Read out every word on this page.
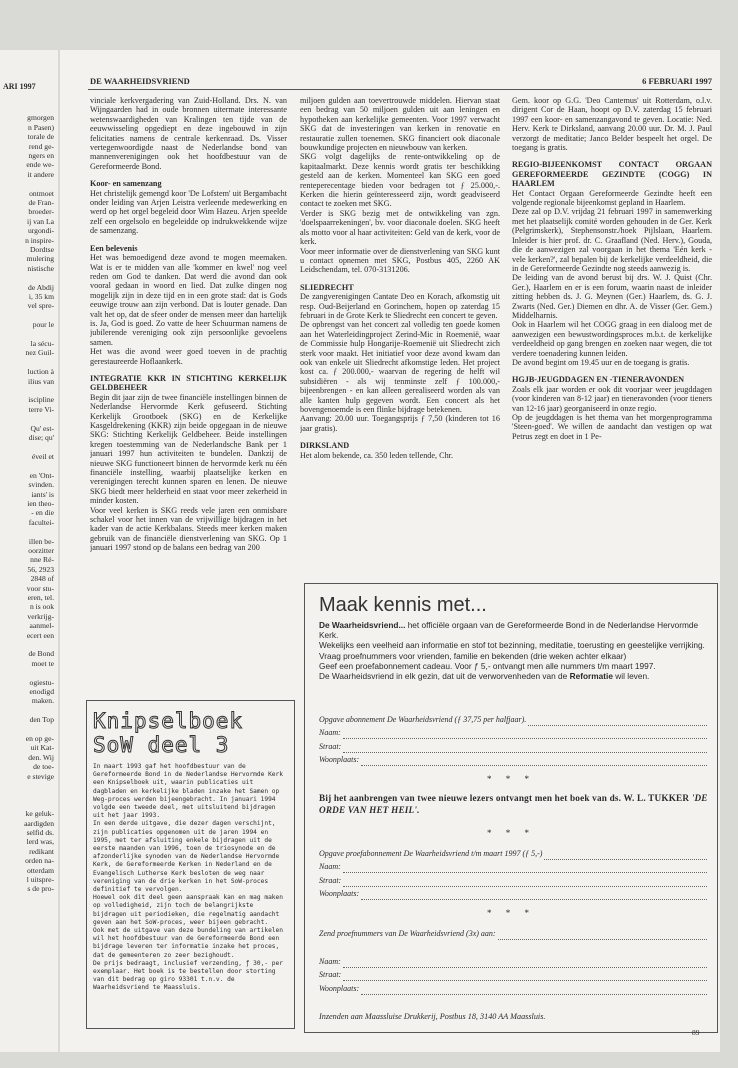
ARI 1997
gmorgen
n Pasen)
torale de
rend ge-
ngers en
ende we-
it andere
ontmoet
de Fran-
broeder-
ij van La
urgondi-
n inspire-
Dordtse
mulering
nistische
de Abdij
i, 35 km
vel spre-
pour le
la sécu-
nez Guil-
luction à
ilius van
iscipline
terre Vi-
Qu' est-
dise; qu'
éveil et
en 'Ont-
svinden.
iants' is
ien theo-
- en die
facultei-
illen be-
oorzitter
nne Ré-
56, 2923
2848 of
voor stu-
eren, tel.
n is ook
verkrijg-
aanmel-
ecert een
de Bond
moet te
ogiestu-
enodigd
maken.
den Top
en op ge-
uit Kat-
den. Wij
de toe-
e stevige
ke geluk-
aardigden
selfid ds.
lerd was,
redikant
orden na-
otterdam
l uitspre-
s de pro-
DE WAARHEIDSVRIEND	6 FEBRUARI 1997

vinciale kerkvergadering van Zuid-Holland. Drs. N. van Wijngaarden had in oude bronnen uitermate interessante wetenswaardigheden van Kralingen ten tijde van de eeuwwisseling opgediept en deze ingebouwd in zijn felicitaties namens de centrale kerkenraad. Ds. Visser vertegenwoordigde naast de Nederlandse bond van mannenverenigingen ook het hoofdbestuur van de Gereformeerde Bond.

Koor- en samenzang

Het christelijk gemengd koor 'De Lofstem' uit Bergambacht onder leiding van Arjen Leistra verleende medewerking en werd op het orgel begeleid door Wim Hazeu. Arjen speelde zelf een orgelsolo en begeleidde op indrukwekkende wijze de samenzang.

Een belevenis

Het was bemoedigend deze avond te mogen meemaken. Wat is er te midden van alle 'kommer en kwel' nog veel reden om God te danken. Dat werd die avond dan ook vooral gedaan in woord en lied. Dat zulke dingen nog mogelijk zijn in deze tijd en in een grote stad: dat is Gods eeuwige trouw aan zijn verbond. Dat is louter genade. Dan valt het op, dat de sfeer onder de mensen meer dan hartelijk is. Ja, God is goed. Zo vatte de heer Schuurman namens de jubilerende vereniging ook zijn persoonlijke gevoelens samen.

Het was die avond weer goed toeven in de prachtig gerestaureerde Hoflaankerk.

INTEGRATIE KKR IN STICHTING KERKELIJK GELDBEHEER

Begin dit jaar zijn de twee financiële instellingen binnen de Nederlandse Hervormde Kerk gefuseerd. Stichting Kerkelijk Grootboek (SKG) en de Kerkelijke Kasgeldrekening (KKR) zijn beide opgegaan in de nieuwe SKG: Stichting Kerkelijk Geldbeheer. Beide instellingen kregen toestemming van de Nederlandsche Bank per 1 januari 1997 hun activiteiten te bundelen. Dankzij de nieuwe SKG functioneert binnen de hervormde kerk nu één financiële instelling, waarbij plaatselijke kerken en verenigingen terecht kunnen sparen en lenen. De nieuwe SKG biedt meer helderheid en staat voor meer zekerheid in minder kosten.

Voor veel kerken is SKG reeds vele jaren een onmisbare schakel voor het innen van de vrijwillige bijdragen in het kader van de actie Kerkbalans. Steeds meer kerken maken gebruik van de financiële dienstverlening van SKG. Op 1 januari 1997 stond op de balans een bedrag van 200

miljoen gulden aan toevertrouwde middelen. Hiervan staat een bedrag van 50 miljoen gulden uit aan leningen en hypotheken aan kerkelijke gemeenten. Voor 1997 verwacht SKG dat de investeringen van kerken in renovatie en restauratie zullen toenemen. SKG financiert ook diaconale bouwkundige projecten en nieuwbouw van kerken.

SKG volgt dagelijks de rente-ontwikkeling op de kapitaalmarkt. Deze kennis wordt gratis ter beschikking gesteld aan de kerken. Momenteel kan SKG een goed renteperecentage bieden voor bedragen tot ƒ 25.000,-. Kerken die hierin geïnteresseerd zijn, wordt geadviseerd contact te zoeken met SKG.

Verder is SKG bezig met de ontwikkeling van zgn. 'doelspaarrekeningen', bv. voor diaconale doelen. SKG heeft als motto voor al haar activiteiten: Geld van de kerk, voor de kerk.

Voor meer informatie over de dienstverlening van SKG kunt u contact opnemen met SKG, Postbus 405, 2260 AK Leidschendam, tel. 070-3131206.

SLIEDRECHT

De zangverenigingen Cantate Deo en Korach, afkomstig uit resp. Oud-Beijerland en Gorinchem, hopen op zaterdag 15 februari in de Grote Kerk te Sliedrecht een concert te geven.

De opbrengst van het concert zal volledig ten goede komen aan het Waterleidingproject Zerind-Mic in Roemenië, waar de Commissie hulp Hongarije-Roemenië uit Sliedrecht zich sterk voor maakt. Het initiatief voor deze avond kwam dan ook van enkele uit Sliedrecht afkomstige leden. Het project kost ca. ƒ 200.000,- waarvan de regering de helft wil subsidiëren - als wij tenminste zelf ƒ 100.000,- bijeenbrengen - en kan alleen gerealiseerd worden als van alle kanten hulp gegeven wordt. Een concert als het bovengenoemde is een flinke bijdrage betekenen.

Aanvang: 20.00 uur. Toegangsprijs ƒ 7,50 (kinderen tot 16 jaar gratis).

DIRKSLAND

Het alom bekende, ca. 350 leden tellende, Chr.

Gem. koor op G.G. 'Deo Cantemus' uit Rotterdam, o.l.v. dirigent Cor de Haan, hoopt op D.V. zaterdag 15 februari 1997 een koor- en samenzangavond te geven. Locatie: Ned. Herv. Kerk te Dirksland, aanvang 20.00 uur. Dr. M. J. Paul verzorgt de meditatie; Janco Belder bespeelt het orgel. De toegang is gratis.

REGIO-BIJEENKOMST CONTACT ORGAAN GEREFORMEERDE GEZINDTE (COGG) IN HAARLEM

Het Contact Orgaan Gereformeerde Gezindte heeft een volgende regionale bijeenkomst gepland in Haarlem.

Deze zal op D.V. vrijdag 21 februari 1997 in samenwerking met het plaatselijk comité worden gehouden in de Ger. Kerk (Pelgrimskerk), Stephensonstr./hoek Pijlslaan, Haarlem. Inleider is hier prof. dr. C. Graafland (Ned. Herv.), Gouda, die de aanwezigen zal voorgaan in het thema 'Eén kerk - vele kerken?', zal bepalen bij de kerkelijke verdeeldheid, die in de Gereformeerde Gezindte nog steeds aanwezig is.

De leiding van de avond berust bij drs. W. J. Quist (Chr. Ger.), Haarlem en er is een forum, waarin naast de inleider zitting hebben ds. J. G. Meynen (Ger.) Haarlem, ds. G. J. Zwarts (Ned. Ger.) Diemen en dhr. A. de Visser (Ger. Gem.) Middelharnis.

Ook in Haarlem wil het COGG graag in een dialoog met de aanwezigen een bewustwordingsproces m.b.t. de kerkelijke verdeeldheid op gang brengen en zoeken naar wegen, die tot verdere toenadering kunnen leiden.

De avond begint om 19.45 uur en de toegang is gratis.

HGJB-JEUGDDAGEN EN -TIENERAVONDEN

Zoals elk jaar worden er ook dit voorjaar weer jeugddagen (voor kinderen van 8-12 jaar) en tieneravonden (voor tieners van 12-16 jaar) georganiseerd in onze regio.

Op de jeugddagen is het thema van het morgenprogramma 'Steen-goed'. We willen de aandacht dan vestigen op wat Petrus zegt en doet in 1 Pe-

Knipselboek
SoW deel 3
In maart 1993 gaf het hoofdbestuur van de Gereformeerde Bond in de Nederlandse Hervormde Kerk een Knipselboek uit, waarin publicaties uit dagbladen en kerkelijke bladen inzake het Samen op Weg-proces werden bijeengebracht. In januari 1994 volgde een tweede deel, met uitsluitend bijdragen uit het jaar 1993.
In een derde uitgave, die dezer dagen verschijnt, zijn publicaties opgenomen uit de jaren 1994 en 1995, met ter afsluiting enkele bijdragen uit de eerste maanden van 1996, toen de triosynode en de afzonderlijke synoden van de Nederlandse Hervormde Kerk, de Gereformeerde Kerken in Nederland en de Evangelisch Lutherse Kerk besloten de weg naar vereniging van de drie kerken in het SoW-proces definitief te vervolgen.
Hoewel ook dit deel geen aanspraak kan en mag maken op volledigheid, zijn toch de belangrijkste bijdragen uit periodieken, die regelmatig aandacht geven aan het SoW-proces, weer bijeen gebracht.
Ook met de uitgave van deze bundeling van artikelen wil het hoofdbestuur van de Gereformeerde Bond een bijdrage leveren ter informatie inzake het proces, dat de gemeenteren zo zeer bezighoudt.
De prijs bedraagt, inclusief verzending, ƒ 30,- per exemplaar. Het boek is te bestellen door storting van dit bedrag op giro 93301 t.n.v. de Waarheidsvriend te Maassluis.
Maak kennis met...
De Waarheidsvriend... het officiële orgaan van de Gereformeerde Bond in de Nederlandse Hervormde Kerk.
Wekelijks een veelheid aan informatie en stof tot bezinning, meditatie, toerusting en geestelijke verrijking.
Vraag proefnummers voor vrienden, familie en bekenden (drie weken achter elkaar)
Geef een proefabonnement cadeau. Voor ƒ 5,- ontvangt men alle nummers t/m maart 1997.
De Waarheidsvriend in elk gezin, dat uit de verworvenheden van de Reformatie wil leven.
Opgave abonnement De Waarheidsvriend (ƒ 37,75 per halfjaar).
Naam:
Straat:
Woonplaats:
* * *
Bij het aanbrengen van twee nieuwe lezers ontvangt men het boek van ds. W. L. TUKKER 'DE ORDE VAN HET HEIL'.
* * *
Opgave proefabonnement De Waarheidsvriend t/m maart 1997 (ƒ 5,-)
Naam:
Straat:
Woonplaats:
* * *
Zend proefnummers van De Waarheidsvriend (3x) aan:
Naam:
Straat:
Woonplaats:
Inzenden aan Maassluise Drukkerij, Postbus 18, 3140 AA Maassluis.
89
